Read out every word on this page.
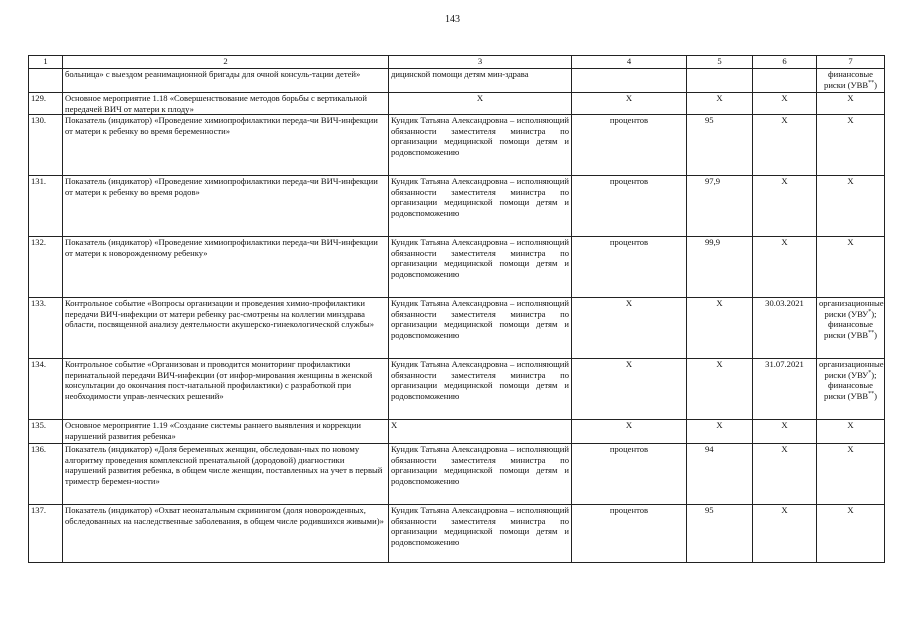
143
1	2	3	4	5	6	7
	больница» с выездом реанимационной бригады для очной консуль-тации детей»	дицинской помощи детям мин-здрава				финансовые риски (УВВ**)
129.	Основное мероприятие 1.18 «Совершенствование методов борьбы с вертикальной передачей ВИЧ от матери к плоду»	Х	Х	Х	Х	Х
130.	Показатель (индикатор) «Проведение химиопрофилактики переда-чи ВИЧ-инфекции от матери к ребенку во время беременности»	Кундик Татьяна Александровна – исполняющий обязанности заместителя министра по организации медицинской помощи детям и родовспоможению	процентов	95	Х	Х
131.	Показатель (индикатор) «Проведение химиопрофилактики переда-чи ВИЧ-инфекции от матери к ребенку во время родов»	Кундик Татьяна Александровна – исполняющий обязанности заместителя министра по организации медицинской помощи детям и родовспоможению	процентов	97,9	Х	Х
132.	Показатель (индикатор) «Проведение химиопрофилактики переда-чи ВИЧ-инфекции от матери к новорожденному ребенку»	Кундик Татьяна Александровна – исполняющий обязанности заместителя министра по организации медицинской помощи детям и родовспоможению	процентов	99,9	Х	Х
133.	Контрольное событие «Вопросы организации и проведения химио-профилактики передачи ВИЧ-инфекции от матери ребенку рас-смотрены на коллегии минздрава области, посвященной анализу деятельности акушерско-гинекологической службы»	Кундик Татьяна Александровна – исполняющий обязанности заместителя министра по организации медицинской помощи детям и родовспоможению	Х	Х	30.03.2021	организационные риски (УВУ*); финансовые риски (УВВ**)
134.	Контрольное событие «Организован и проводится мониторинг профилактики перинатальной передачи ВИЧ-инфекции (от инфор-мирования женщины в женской консультации до окончания пост-натальной профилактики) с разработкой при необходимости управ-ленческих решений»	Кундик Татьяна Александровна – исполняющий обязанности заместителя министра по организации медицинской помощи детям и родовспоможению	Х	Х	31.07.2021	организационные риски (УВУ*); финансовые риски (УВВ**)
135.	Основное мероприятие 1.19 «Создание системы раннего выявления и коррекции нарушений развития ребенка»	Х	Х	Х	Х	Х
136.	Показатель (индикатор) «Доля беременных женщин, обследован-ных по новому алгоритму проведения комплексной пренатальной (дородовой) диагностики нарушений развития ребенка, в общем числе женщин, поставленных на учет в первый триместр беремен-ности»	Кундик Татьяна Александровна – исполняющий обязанности заместителя министра по организации медицинской помощи детям и родовспоможению	процентов	94	Х	Х
137.	Показатель (индикатор) «Охват неонатальным скринингом (доля новорожденных, обследованных на наследственные заболевания, в общем числе родившихся живыми)»	Кундик Татьяна Александровна – исполняющий обязанности заместителя министра по организации медицинской помощи детям и родовспоможению	процентов	95	Х	Х
